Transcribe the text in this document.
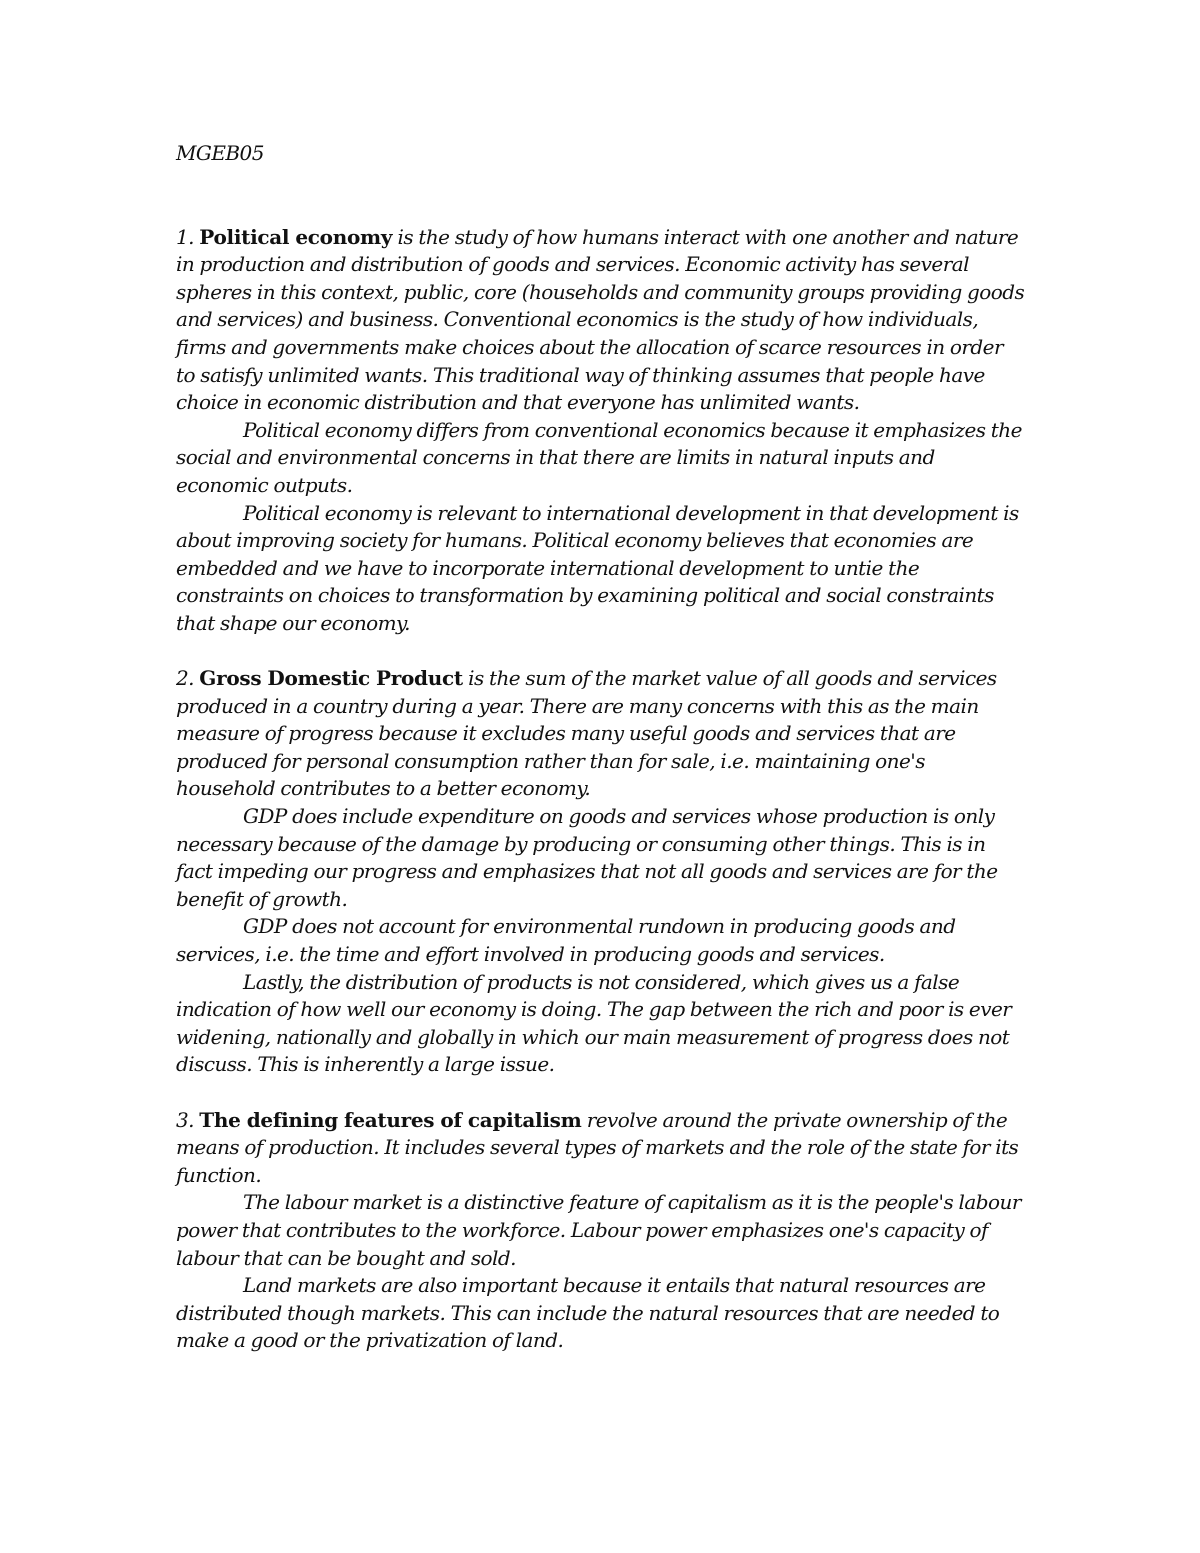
MGEB05

1. Political economy is the study of how humans interact with one another and nature in production and distribution of goods and services. Economic activity has several spheres in this context, public, core (households and community groups providing goods and services) and business. Conventional economics is the study of how individuals, firms and governments make choices about the allocation of scarce resources in order to satisfy unlimited wants. This traditional way of thinking assumes that people have choice in economic distribution and that everyone has unlimited wants.

Political economy differs from conventional economics because it emphasizes the social and environmental concerns in that there are limits in natural inputs and economic outputs.

Political economy is relevant to international development in that development is about improving society for humans. Political economy believes that economies are embedded and we have to incorporate international development to untie the constraints on choices to transformation by examining political and social constraints that shape our economy.

2. Gross Domestic Product is the sum of the market value of all goods and services produced in a country during a year. There are many concerns with this as the main measure of progress because it excludes many useful goods and services that are produced for personal consumption rather than for sale, i.e. maintaining one's household contributes to a better economy.

GDP does include expenditure on goods and services whose production is only necessary because of the damage by producing or consuming other things. This is in fact impeding our progress and emphasizes that not all goods and services are for the benefit of growth.

GDP does not account for environmental rundown in producing goods and services, i.e. the time and effort involved in producing goods and services.

Lastly, the distribution of products is not considered, which gives us a false indication of how well our economy is doing. The gap between the rich and poor is ever widening, nationally and globally in which our main measurement of progress does not discuss. This is inherently a large issue.

3. The defining features of capitalism revolve around the private ownership of the means of production. It includes several types of markets and the role of the state for its function.

The labour market is a distinctive feature of capitalism as it is the people's labour power that contributes to the workforce. Labour power emphasizes one's capacity of labour that can be bought and sold.

Land markets are also important because it entails that natural resources are distributed though markets. This can include the natural resources that are needed to make a good or the privatization of land.
